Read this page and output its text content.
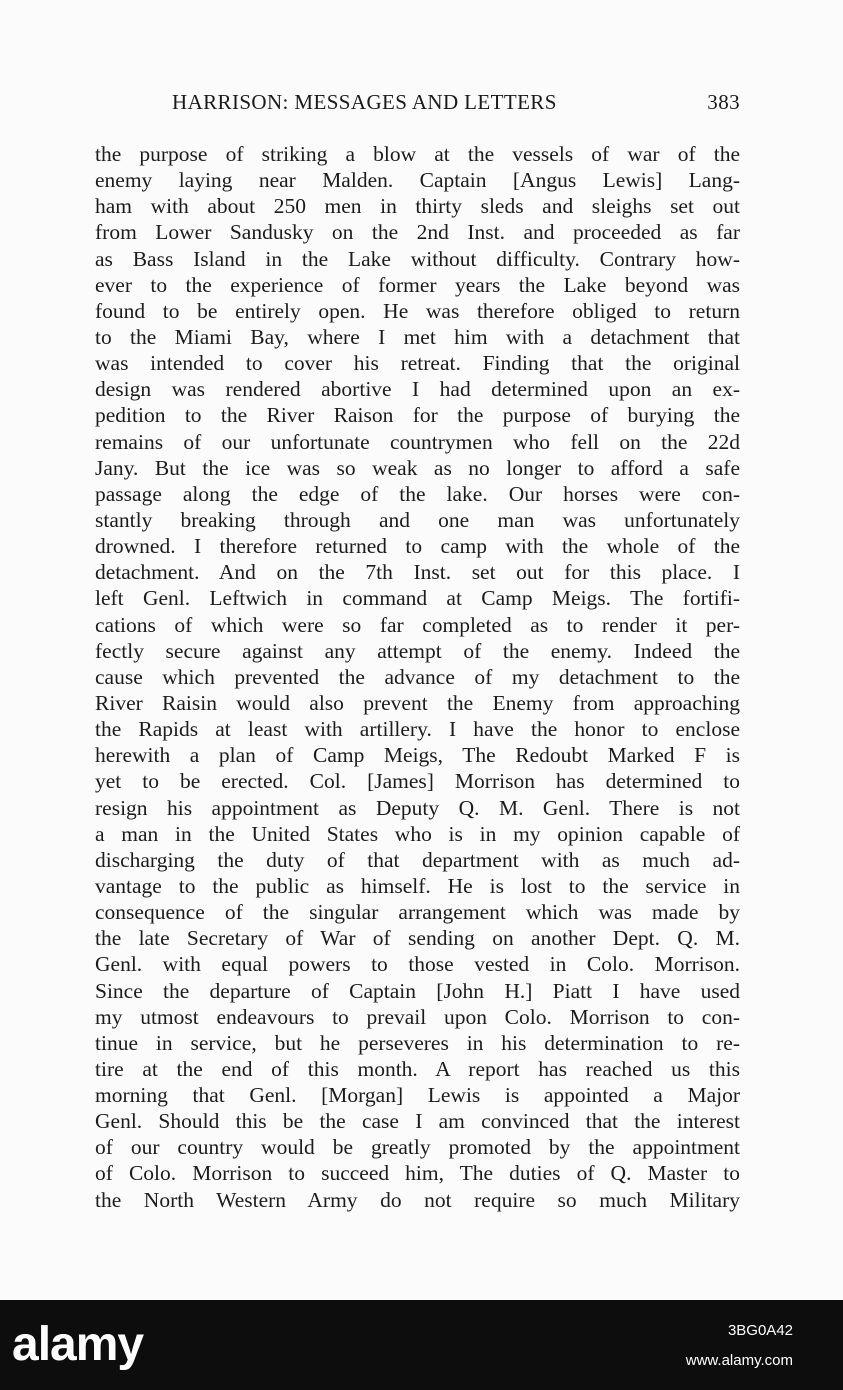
HARRISON: MESSAGES AND LETTERS	383
the purpose of striking a blow at the vessels of war of the
enemy laying near Malden. Captain [Angus Lewis] Lang-
ham with about 250 men in thirty sleds and sleighs set out
from Lower Sandusky on the 2nd Inst. and proceeded as far
as Bass Island in the Lake without difficulty. Contrary how-
ever to the experience of former years the Lake beyond was
found to be entirely open. He was therefore obliged to return
to the Miami Bay, where I met him with a detachment that
was intended to cover his retreat. Finding that the original
design was rendered abortive I had determined upon an ex-
pedition to the River Raison for the purpose of burying the
remains of our unfortunate countrymen who fell on the 22d
Jany. But the ice was so weak as no longer to afford a safe
passage along the edge of the lake. Our horses were con-
stantly breaking through and one man was unfortunately
drowned. I therefore returned to camp with the whole of the
detachment. And on the 7th Inst. set out for this place. I
left Genl. Leftwich in command at Camp Meigs. The fortifi-
cations of which were so far completed as to render it per-
fectly secure against any attempt of the enemy. Indeed the
cause which prevented the advance of my detachment to the
River Raisin would also prevent the Enemy from approaching
the Rapids at least with artillery. I have the honor to enclose
herewith a plan of Camp Meigs, The Redoubt Marked F is
yet to be erected. Col. [James] Morrison has determined to
resign his appointment as Deputy Q. M. Genl. There is not
a man in the United States who is in my opinion capable of
discharging the duty of that department with as much ad-
vantage to the public as himself. He is lost to the service in
consequence of the singular arrangement which was made by
the late Secretary of War of sending on another Dept. Q. M.
Genl. with equal powers to those vested in Colo. Morrison.
Since the departure of Captain [John H.] Piatt I have used
my utmost endeavours to prevail upon Colo. Morrison to con-
tinue in service, but he perseveres in his determination to re-
tire at the end of this month. A report has reached us this
morning that Genl. [Morgan] Lewis is appointed a Major
Genl. Should this be the case I am convinced that the interest
of our country would be greatly promoted by the appointment
of Colo. Morrison to succeed him, The duties of Q. Master to
the North Western Army do not require so much Military
alamy	3BG0A42
www.alamy.com
